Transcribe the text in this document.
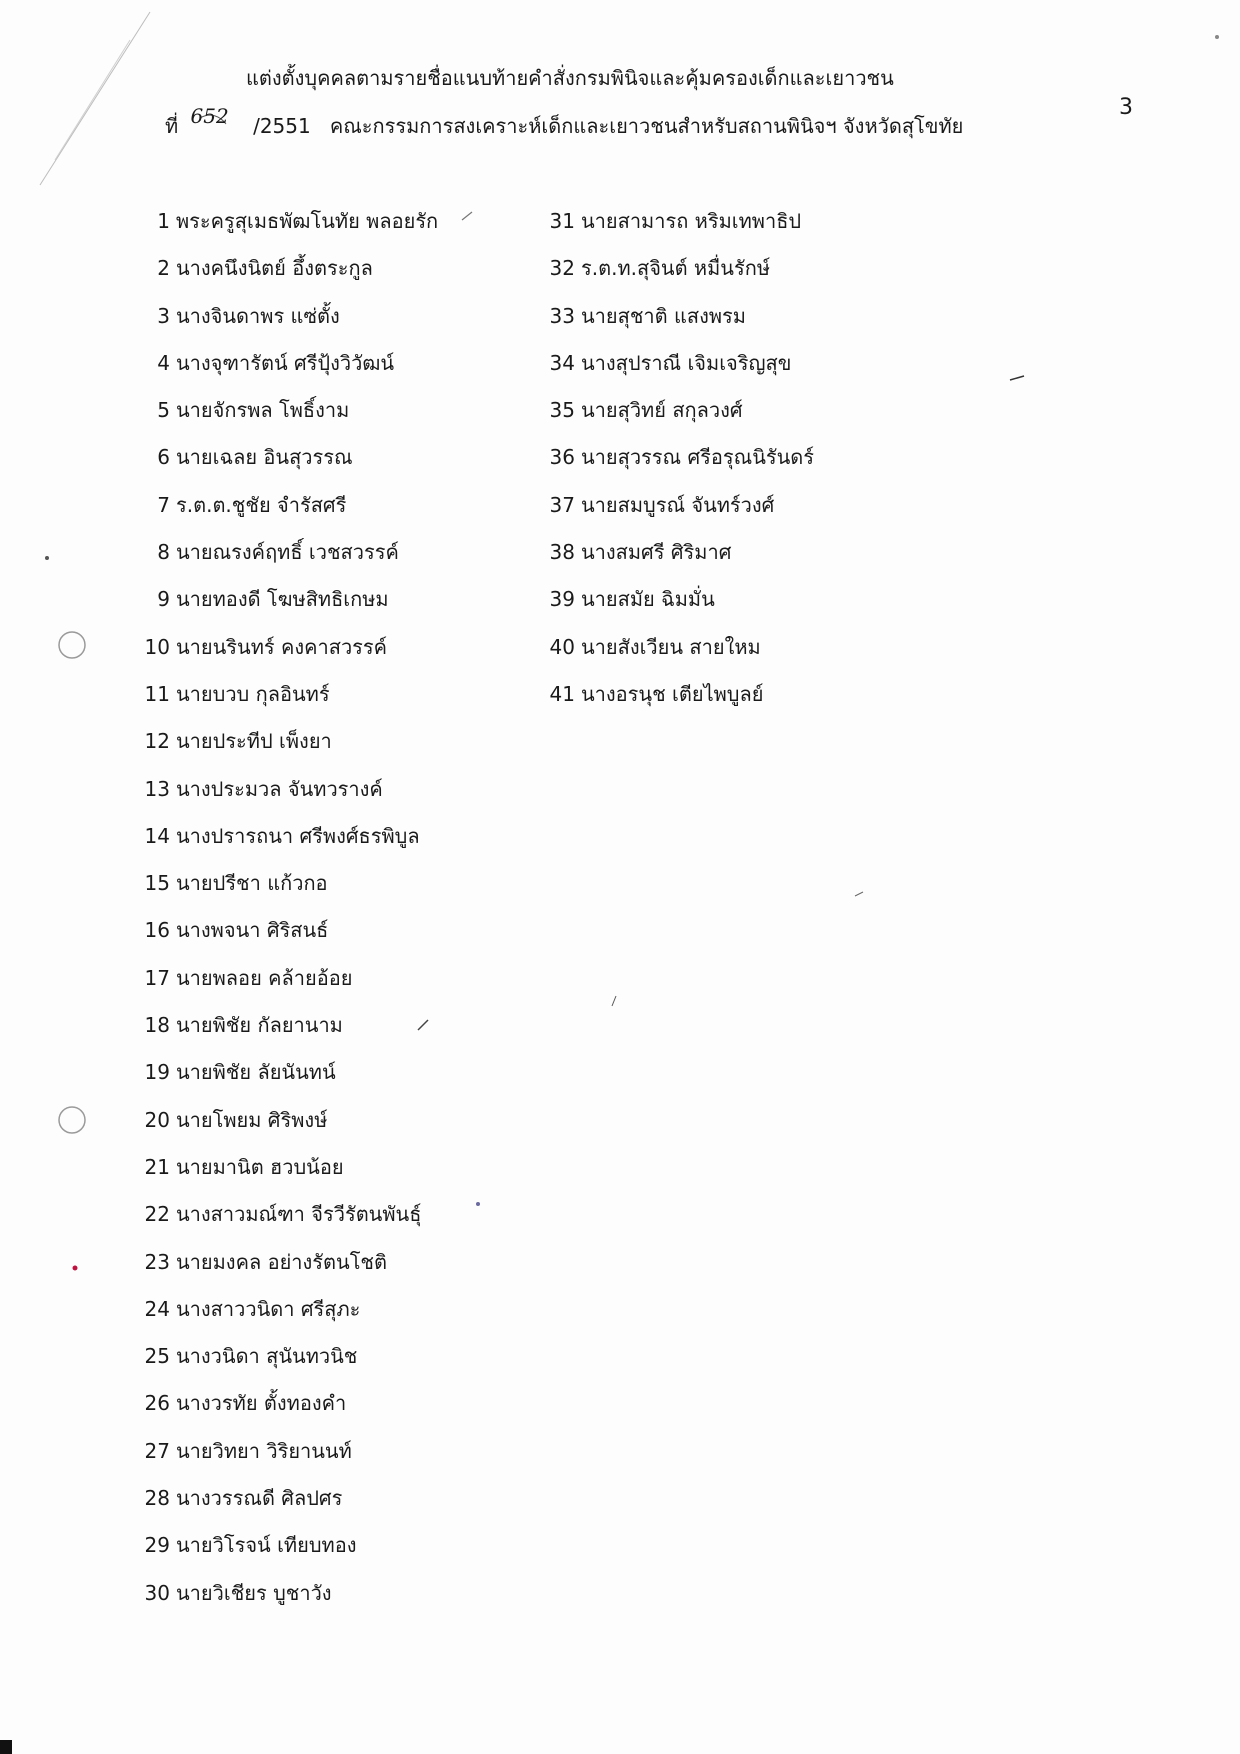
แต่งตั้งบุคคลตามรายชื่อแนบท้ายคำสั่งกรมพินิจและคุ้มครองเด็กและเยาวชน
ที่ 652 /2551 คณะกรรมการสงเคราะห์เด็กและเยาวชนสำหรับสถานพินิจฯ จังหวัดสุโขทัย
3
1 พระครูสุเมธพัฒโนทัย พลอยรัก
2 นางคนึงนิตย์ อึ้งตระกูล
3 นางจินดาพร แซ่ตั้ง
4 นางจุฑารัตน์ ศรีปุ้งวิวัฒน์
5 นายจักรพล โพธิ์งาม
6 นายเฉลย อินสุวรรณ
7 ร.ต.ต.ชูชัย จำรัสศรี
8 นายณรงค์ฤทธิ์ เวชสวรรค์
9 นายทองดี โฆษสิทธิเกษม
10 นายนรินทร์ คงคาสวรรค์
11 นายบวบ กุลอินทร์
12 นายประทีป เพ็งยา
13 นางประมวล จันทวรางค์
14 นางปรารถนา ศรีพงศ์ธรพิบูล
15 นายปรีชา แก้วกอ
16 นางพจนา ศิริสนธ์
17 นายพลอย คล้ายอ้อย
18 นายพิชัย กัลยานาม
19 นายพิชัย ลัยนันทน์
20 นายโพยม ศิริพงษ์
21 นายมานิต ฮวบน้อย
22 นางสาวมณ์ฑา จีรวีรัตนพันธุ์
23 นายมงคล อย่างรัตนโชติ
24 นางสาววนิดา ศรีสุภะ
25 นางวนิดา สุนันทวนิช
26 นางวรทัย ตั้งทองคำ
27 นายวิทยา วิริยานนท์
28 นางวรรณดี ศิลปศร
29 นายวิโรจน์ เทียบทอง
30 นายวิเชียร บูชาวัง
31 นายสามารถ หริมเทพาธิป
32 ร.ต.ท.สุจินต์ หมื่นรักษ์
33 นายสุชาติ แสงพรม
34 นางสุปราณี เจิมเจริญสุข
35 นายสุวิทย์ สกุลวงศ์
36 นายสุวรรณ ศรีอรุณนิรันดร์
37 นายสมบูรณ์ จันทร์วงศ์
38 นางสมศรี ศิริมาศ
39 นายสมัย ฉิมมั่น
40 นายสังเวียน สายใหม
41 นางอรนุช เตียไพบูลย์
